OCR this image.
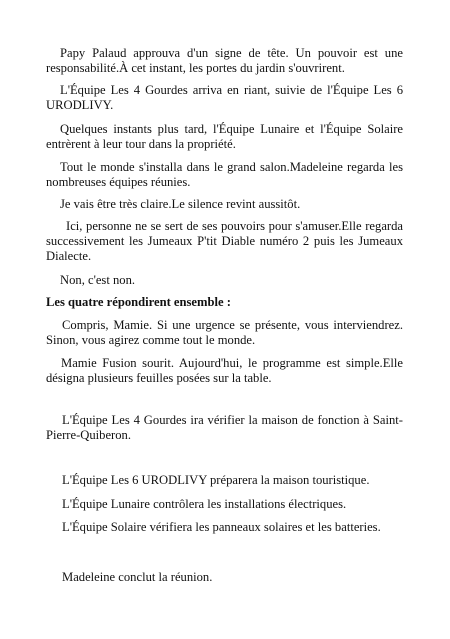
Papy Palaud approuva d'un signe de tête. Un pouvoir est une responsabilité.À cet instant, les portes du jardin s'ouvrirent.

L'Équipe Les 4 Gourdes arriva en riant, suivie de l'Équipe Les 6 URODLIVY.

Quelques instants plus tard, l'Équipe Lunaire et l'Équipe Solaire entrèrent à leur tour dans la propriété.

Tout le monde s'installa dans le grand salon.Madeleine regarda les nombreuses équipes réunies.

Je vais être très claire.Le silence revint aussitôt.

Ici, personne ne se sert de ses pouvoirs pour s'amuser.Elle regarda successivement les Jumeaux P'tit Diable numéro 2 puis les Jumeaux Dialecte.

Non, c'est non.

Les quatre répondirent ensemble :

Compris, Mamie. Si une urgence se présente, vous interviendrez. Sinon, vous agirez comme tout le monde.

Mamie Fusion sourit. Aujourd'hui, le programme est simple.Elle désigna plusieurs feuilles posées sur la table.

L'Équipe Les 4 Gourdes ira vérifier la maison de fonction à Saint-Pierre-Quiberon.

L'Équipe Les 6 URODLIVY préparera la maison touristique.

L'Équipe Lunaire contrôlera les installations électriques.

L'Équipe Solaire vérifiera les panneaux solaires et les batteries.

Madeleine conclut la réunion.
